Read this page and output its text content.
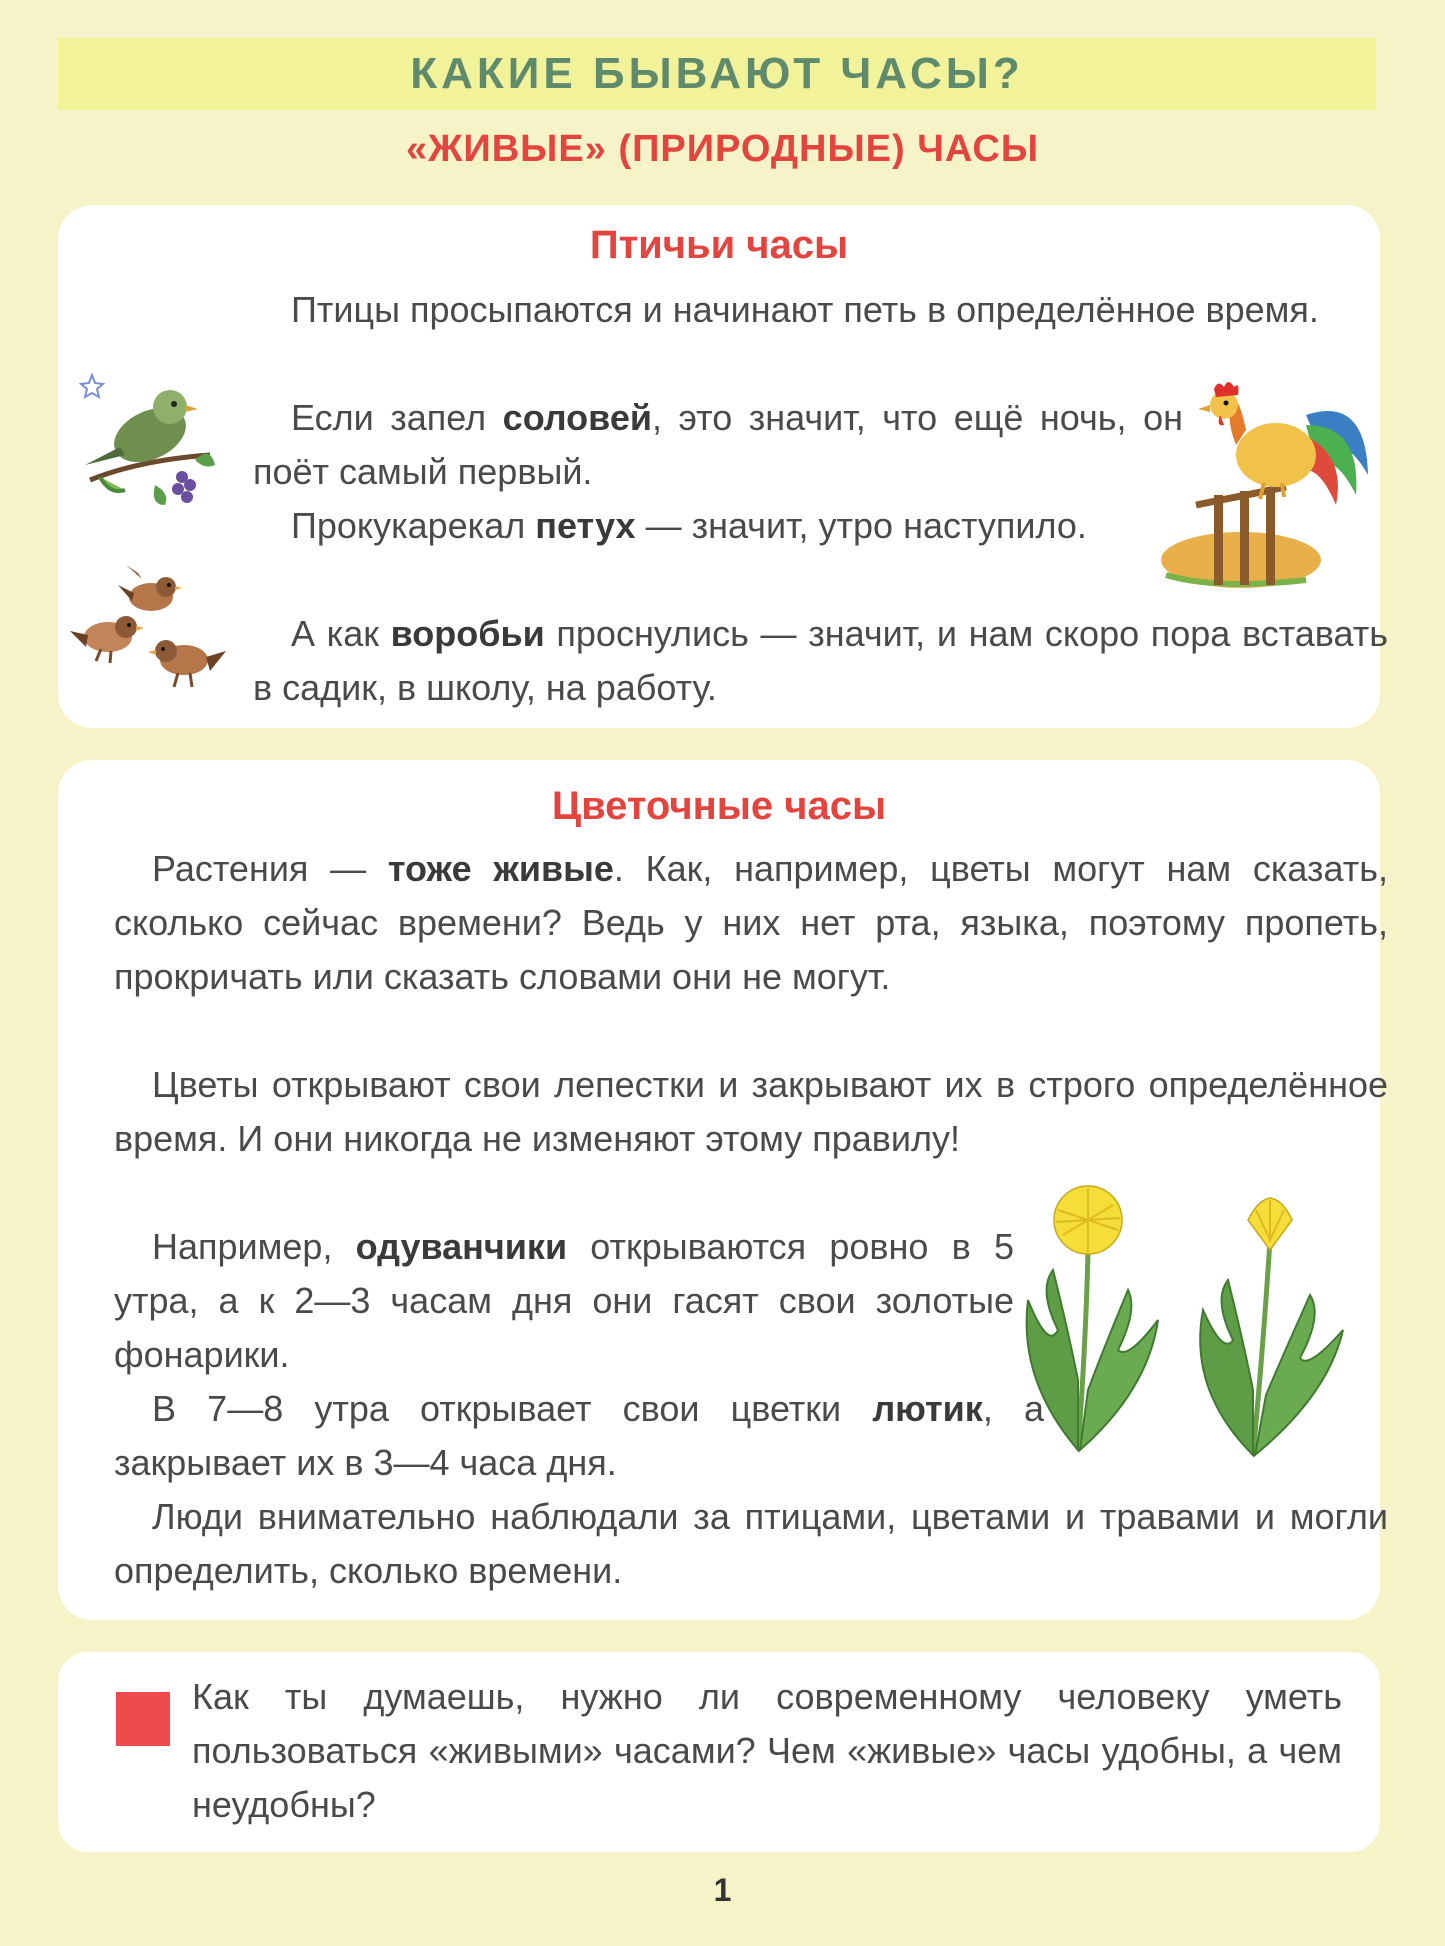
КАКИЕ БЫВАЮТ ЧАСЫ?
«ЖИВЫЕ» (ПРИРОДНЫЕ) ЧАСЫ
Птичьи часы

Птицы просыпаются и начинают петь в определённое время.

Если запел соловей, это значит, что ещё ночь, он поёт самый первый.

Прокукарекал петух — значит, утро наступило.

А как воробьи проснулись — значит, и нам скоро пора вставать в садик, в школу, на работу.

Цветочные часы

Растения — тоже живые. Как, например, цветы могут нам сказать, сколько сейчас времени? Ведь у них нет рта, языка, поэтому пропеть, прокричать или сказать словами они не могут.

Цветы открывают свои лепестки и закрывают их в строго определённое время. И они никогда не изменяют этому правилу!

Например, одуванчики открываются ровно в 5 утра, а к 2—3 часам дня они гасят свои золотые фонарики.

В 7—8 утра открывает свои цветки лютик, а закрывает их в 3—4 часа дня.

Люди внимательно наблюдали за птицами, цветами и травами и могли определить, сколько времени.

Как ты думаешь, нужно ли современному человеку уметь пользоваться «живыми» часами? Чем «живые» часы удобны, а чем неудобны?

1
